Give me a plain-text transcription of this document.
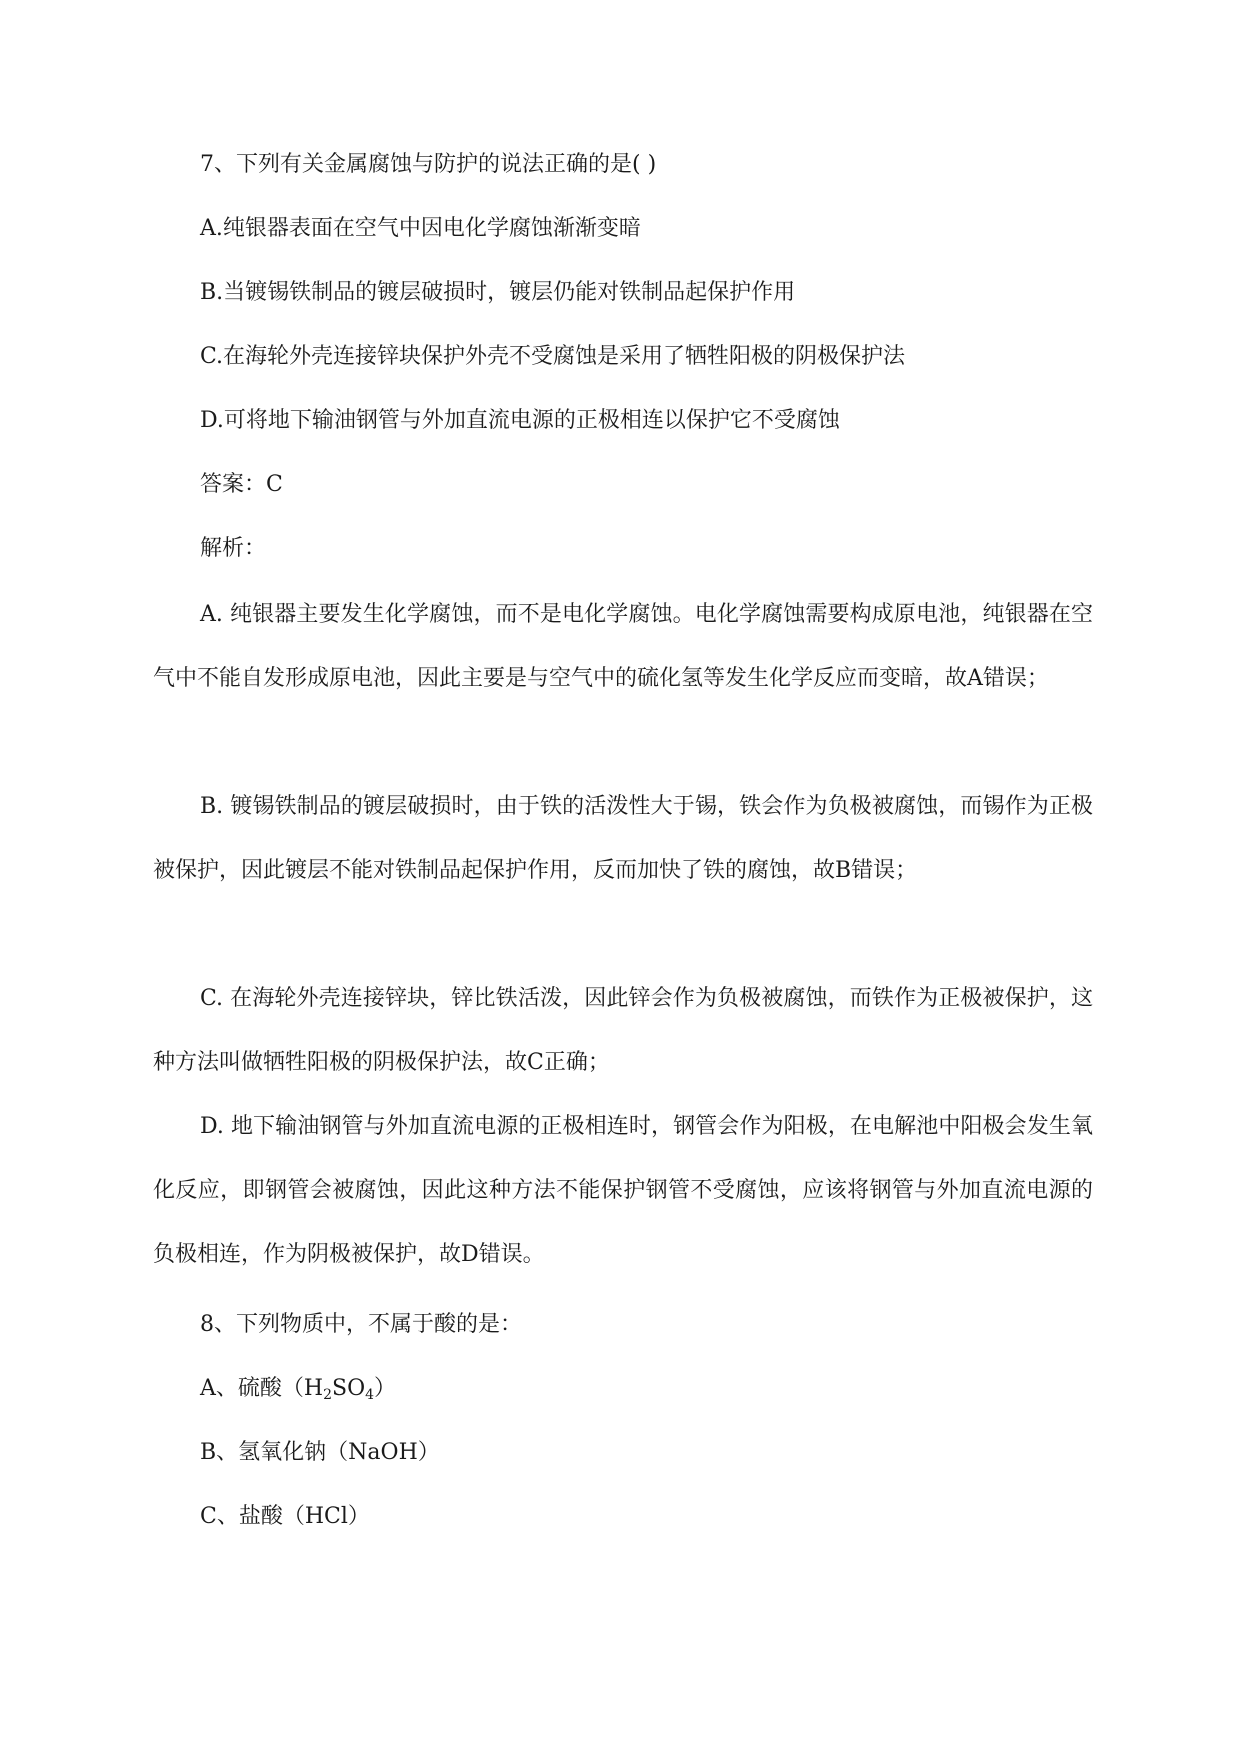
7、下列有关金属腐蚀与防护的说法正确的是( )
A.纯银器表面在空气中因电化学腐蚀渐渐变暗
B.当镀锡铁制品的镀层破损时，镀层仍能对铁制品起保护作用
C.在海轮外壳连接锌块保护外壳不受腐蚀是采用了牺牲阳极的阴极保护法
D.可将地下输油钢管与外加直流电源的正极相连以保护它不受腐蚀
答案：C
解析：
A. 纯银器主要发生化学腐蚀，而不是电化学腐蚀。电化学腐蚀需要构成原电池，纯银器在空气中不能自发形成原电池，因此主要是与空气中的硫化氢等发生化学反应而变暗，故A错误；
B. 镀锡铁制品的镀层破损时，由于铁的活泼性大于锡，铁会作为负极被腐蚀，而锡作为正极被保护，因此镀层不能对铁制品起保护作用，反而加快了铁的腐蚀，故B错误；
C. 在海轮外壳连接锌块，锌比铁活泼，因此锌会作为负极被腐蚀，而铁作为正极被保护，这种方法叫做牺牲阳极的阴极保护法，故C正确；
D. 地下输油钢管与外加直流电源的正极相连时，钢管会作为阳极，在电解池中阳极会发生氧化反应，即钢管会被腐蚀，因此这种方法不能保护钢管不受腐蚀，应该将钢管与外加直流电源的负极相连，作为阴极被保护，故D错误。
8、下列物质中，不属于酸的是：
A、硫酸$(H_2SO_4)$
B、氢氧化钠（NaOH）
C、盐酸（HCl）
